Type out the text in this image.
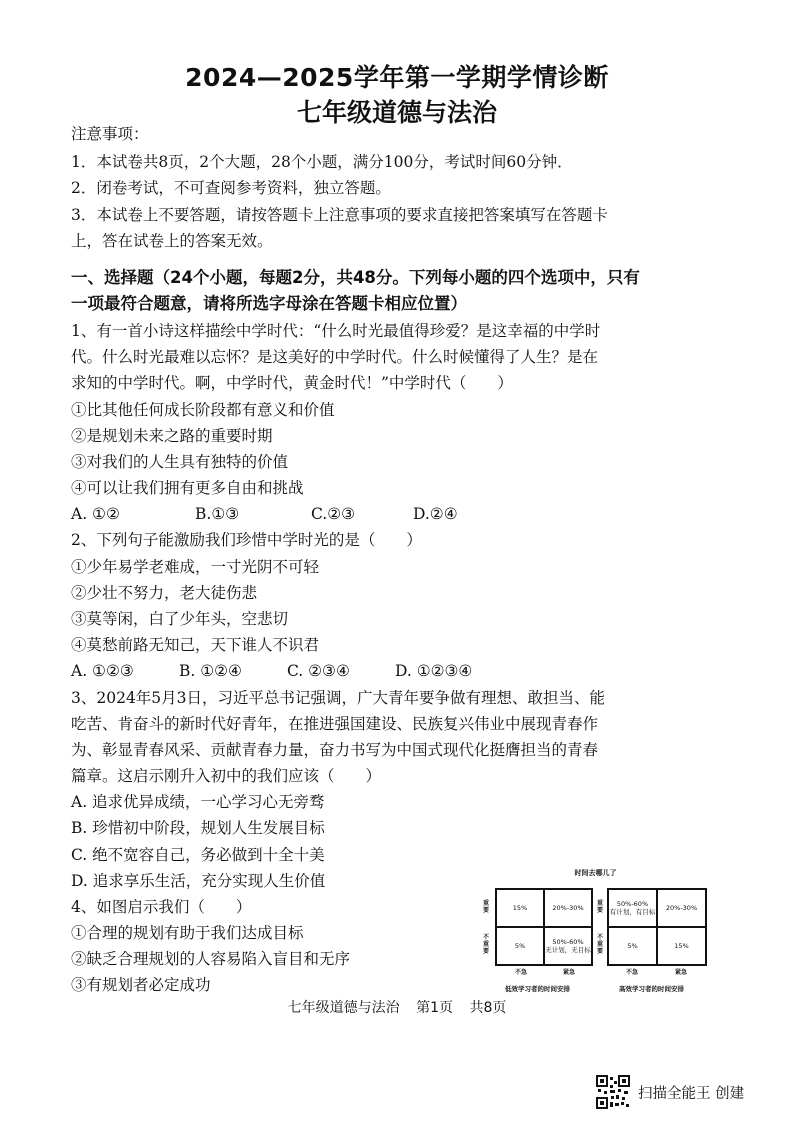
2024—2025学年第一学期学情诊断
七年级道德与法治
注意事项：
1．本试卷共8页，2个大题，28个小题，满分100分，考试时间60分钟．
2．闭卷考试，不可查阅参考资料，独立答题。
3．本试卷上不要答题，请按答题卡上注意事项的要求直接把答案填写在答题卡
上，答在试卷上的答案无效。
一、选择题（24个小题，每题2分，共48分。下列每小题的四个选项中，只有
一项最符合题意，请将所选字母涂在答题卡相应位置）
1、有一首小诗这样描绘中学时代：“什么时光最值得珍爱？是这幸福的中学时
代。什么时光最难以忘怀？是这美好的中学时代。什么时候懂得了人生？是在
求知的中学时代。啊，中学时代，黄金时代！”中学时代（　　）
①比其他任何成长阶段都有意义和价值
②是规划未来之路的重要时期
③对我们的人生具有独特的价值
④可以让我们拥有更多自由和挑战
A. ①②	B.①③	C.②③	D.②④
2、下列句子能激励我们珍惜中学时光的是（　　）
①少年易学老难成，一寸光阴不可轻
②少壮不努力，老大徒伤悲
③莫等闲，白了少年头，空悲切
④莫愁前路无知己，天下谁人不识君
A. ①②③	B. ①②④	C. ②③④	D. ①②③④
3、2024年5月3日，习近平总书记强调，广大青年要争做有理想、敢担当、能
吃苦、肯奋斗的新时代好青年，在推进强国建设、民族复兴伟业中展现青春作
为、彰显青春风采、贡献青春力量，奋力书写为中国式现代化挺膺担当的青春
篇章。这启示刚升入初中的我们应该（　　）
A. 追求优异成绩，一心学习心无旁骛
B. 珍惜初中阶段，规划人生发展目标
C. 绝不宽容自己，务必做到十全十美
D. 追求享乐生活，充分实现人生价值
4、如图启示我们（　　）
①合理的规划有助于我们达成目标
②缺乏合理规划的人容易陷入盲目和无序
③有规划者必定成功
时间去哪儿了
重要
不重要
15%	20%-30%
5%	50%-60%
无计划，无目标
不急	紧急
低效学习者的时间安排
重要
不重要
50%-60%
有计划，有目标	20%-30%
5%	15%
不急	紧急
高效学习者的时间安排
七年级道德与法治 第1页 共8页
扫描全能王 创建
